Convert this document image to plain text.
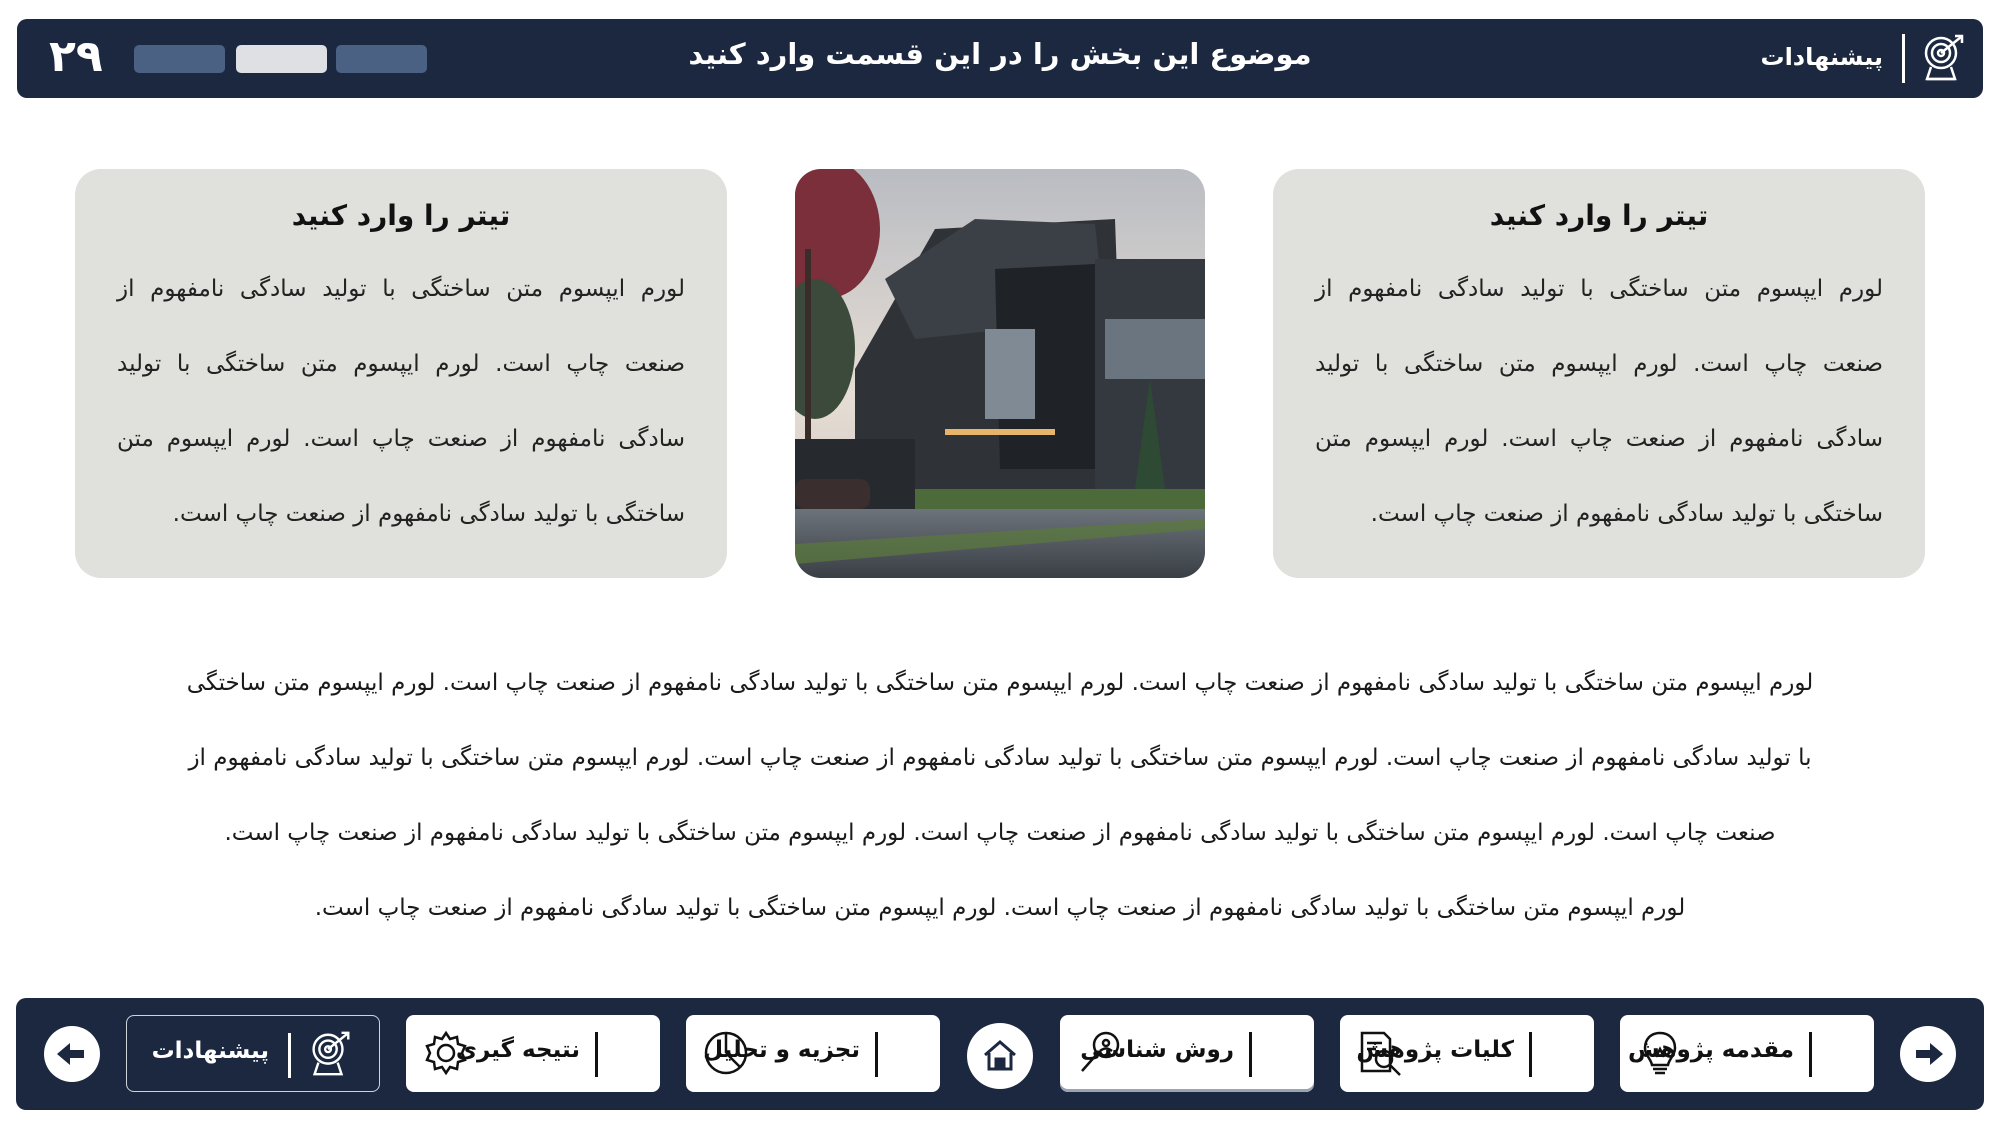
۲۹	موضوع این بخش را در این قسمت وارد کنید	پیشنهادات
تیتر را وارد کنید

لورم ایپسوم متن ساختگی با تولید سادگی نامفهوم از صنعت چاپ است. لورم ایپسوم متن ساختگی با تولید سادگی نامفهوم از صنعت چاپ است. لورم ایپسوم متن ساختگی با تولید سادگی نامفهوم از صنعت چاپ است.

تیتر را وارد کنید

لورم ایپسوم متن ساختگی با تولید سادگی نامفهوم از صنعت چاپ است. لورم ایپسوم متن ساختگی با تولید سادگی نامفهوم از صنعت چاپ است. لورم ایپسوم متن ساختگی با تولید سادگی نامفهوم از صنعت چاپ است.

لورم ایپسوم متن ساختگی با تولید سادگی نامفهوم از صنعت چاپ است. لورم ایپسوم متن ساختگی با تولید سادگی نامفهوم از صنعت چاپ است. لورم ایپسوم متن ساختگی
با تولید سادگی نامفهوم از صنعت چاپ است. لورم ایپسوم متن ساختگی با تولید سادگی نامفهوم از صنعت چاپ است. لورم ایپسوم متن ساختگی با تولید سادگی نامفهوم از
صنعت چاپ است. لورم ایپسوم متن ساختگی با تولید سادگی نامفهوم از صنعت چاپ است. لورم ایپسوم متن ساختگی با تولید سادگی نامفهوم از صنعت چاپ است.
لورم ایپسوم متن ساختگی با تولید سادگی نامفهوم از صنعت چاپ است. لورم ایپسوم متن ساختگی با تولید سادگی نامفهوم از صنعت چاپ است.
پیشنهادات	نتیجه گیری	تجزیه و تحلیل	روش شناسی	کلیات پژوهش	مقدمه پژوهش
